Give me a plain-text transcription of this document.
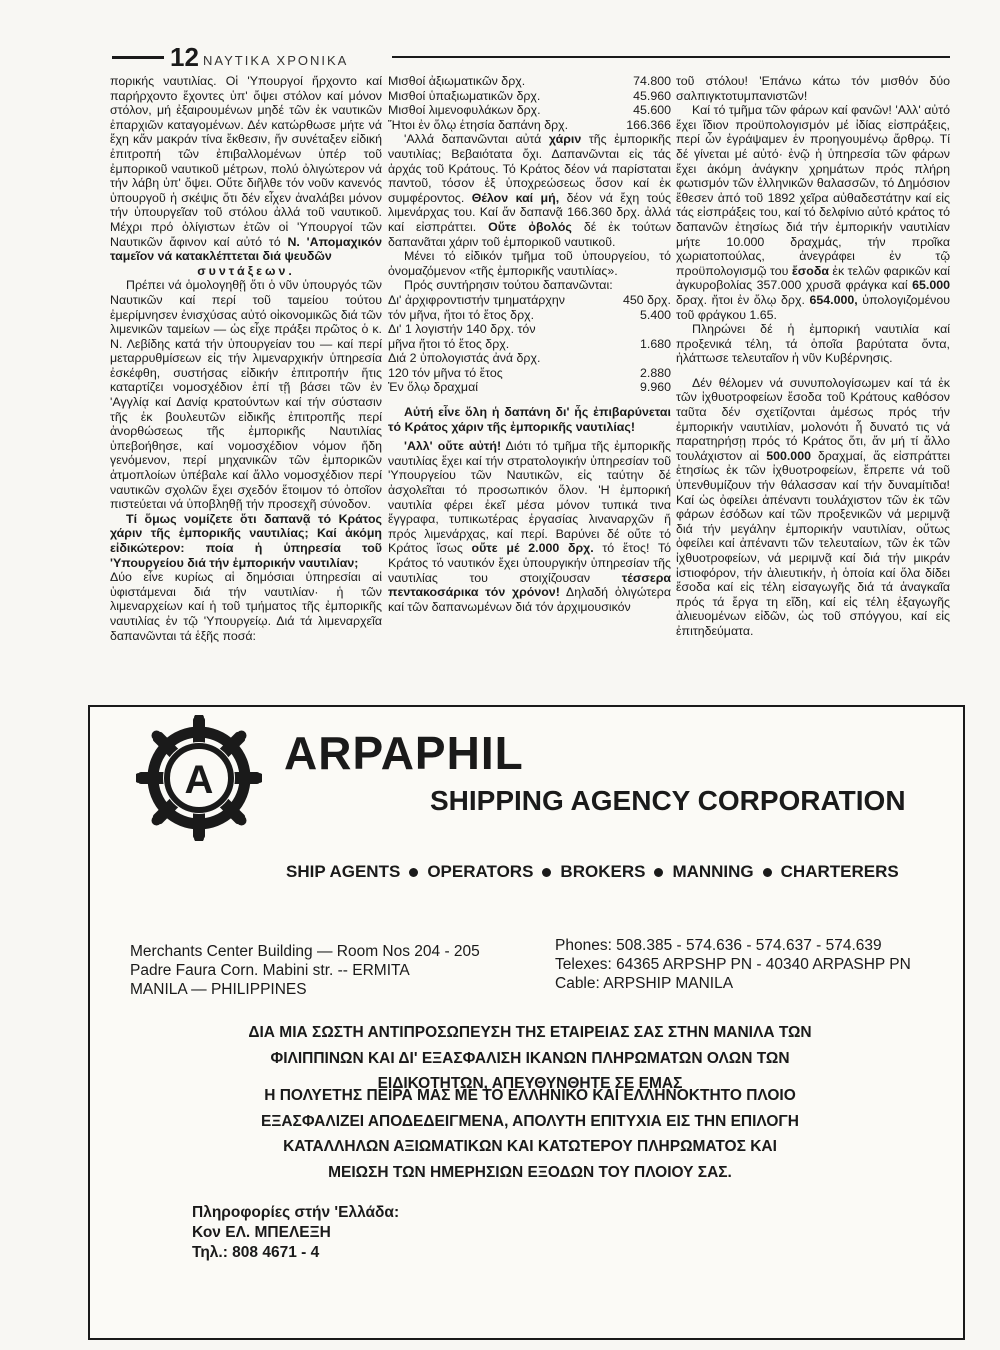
12 ΝΑΥΤΙΚΑ ΧΡΟΝΙΚΑ

πορικής ναυτιλίας. Οἱ 'Υπουργοί ἤρχοντο καί παρήρχοντο ἔχοντες ὑπ' ὄψει στόλον καί μόνον στόλον, μή ἐξαιρουμένων μηδέ τῶν ἐκ ναυτικῶν ἐπαρχιῶν καταγομένων. Δέν κατώρθωσε μήτε νά ἔχη κἄν μακράν τίνα ἔκθεσιν, ἥν συνέταξεν εἰδική ἐπιτροπή τῶν ἐπιβαλλομένων ὑπέρ τοῦ ἐμπορικοῦ ναυτικοῦ μέτρων, πολύ ὀλιγώτερον νά τήν λάβη ὑπ' ὄψει. Οὔτε διῆλθε τόν νοῦν κανενός ὑπουργοῦ ἡ σκέψις ὅτι δέν εἶχεν ἀναλάβει μόνον τήν ὑπουργεῖαν τοῦ στόλου ἀλλά τοῦ ναυτικοῦ. Μέχρι πρό ὀλίγιστων ἐτῶν οἱ 'Υπουργοί τῶν Ναυτικῶν ἄφινον καί αὐτό τό Ν. 'Απομαχικόν ταμεῖον νά κατακλέπτεται διά ψευδῶν

συντάξεων.

Πρέπει νά ὁμολογηθῇ ὅτι ὁ νῦν ὑπουργός τῶν Ναυτικῶν καί περί τοῦ ταμείου τούτου ἐμερίμνησεν ἐνισχύσας αὐτό οἰκονομικῶς διά τῶν λιμενικῶν ταμείων — ὡς εἶχε πράξει πρῶτος ὁ κ. Ν. Λεβίδης κατά τήν ὑπουργείαν του — καί περί μεταρρυθμίσεων εἰς τήν λιμεναρχικήν ὑπηρεσία ἐσκέφθη, συστήσας εἰδικήν ἐπιτροπήν ἥτις καταρτίζει νομοσχέδιον ἐπί τῇ βάσει τῶν ἐν 'Αγγλίᾳ καί Δανίᾳ κρατούντων καί τήν σύστασιν τῆς ἐκ βουλευτῶν εἰδικῆς ἐπιτροπῆς περί ἀνορθώσεως τῆς ἐμπορικῆς Ναυτιλίας ὑπεβοήθησε, καί νομοσχέδιον νόμον ἤδη γενόμενον, περί μηχανικῶν τῶν ἐμπορικῶν ἀτμοπλοίων ὑπέβαλε καί ἄλλο νομοσχέδιον περί ναυτικῶν σχολῶν ἔχει σχεδόν ἕτοιμον τό ὁποῖον πιστεύεται νά ὑποβληθῇ τήν προσεχῆ σύνοδον.

Τί ὅμως νομίζετε ὅτι δαπανᾷ τό Κράτος χάριν τῆς ἐμπορικῆς ναυτιλίας; Καί ἀκόμη εἰδικώτερον: ποία ἡ ὑπηρεσία τοῦ 'Υπουργείου διά τήν ἐμπορικήν ναυτιλίαν;

Δύο εἶνε κυρίως αἱ δημόσιαι ὑπηρεσίαι αἱ ὑφιστάμεναι διά τήν ναυτιλίαν· ἡ τῶν λιμεναρχείων καί ἡ τοῦ τμήματος τῆς ἐμπορικῆς ναυτιλίας ἐν τῷ 'Υπουργείῳ. Διά τά λιμεναρχεῖα δαπανῶνται τά ἑξῆς ποσά:

Μισθοί ἀξιωματικῶν δρχ.	74.800
Μισθοί ὑπαξιωματικῶν δρχ.	45.960
Μισθοί λιμενοφυλάκων δρχ.	45.600
Ἤτοι ἐν ὅλῳ ἐτησία δαπάνη δρχ.	166.366

'Αλλά δαπανῶνται αὐτά χάριν τῆς ἐμπορικῆς ναυτιλίας; Βεβαιότατα ὄχι. Δαπανῶνται εἰς τάς ἀρχάς τοῦ Κράτους. Τό Κράτος δέον νά παρίσταται παντοῦ, τόσον ἐξ ὑποχρεώσεως ὅσον καί ἐκ συμφέροντος. Θέλον καί μή, δέον νά ἔχη τούς λιμενάρχας του. Καί ἄν δαπανᾷ 166.360 δρχ. ἀλλά καί εἰσπράττει. Οὔτε ὀβολός δέ ἐκ τούτων δαπανᾶται χάριν τοῦ ἐμπορικοῦ ναυτικοῦ.

Μένει τό εἰδικόν τμῆμα τοῦ ὑπουργείου, τό ὀνομαζόμενον «τῆς ἐμπορικῆς ναυτιλίας».

Πρός συντήρησιν τούτου δαπανῶνται:

Δι' ἀρχιφροντιστήν τμηματάρχην	450 δρχ.
τόν μῆνα, ἤτοι τό ἔτος δρχ.	5.400
Δι' 1 λογιστήν 140 δρχ. τόν
μῆνα ἤτοι τό ἔτος δρχ.	1.680
Διά 2 ὑπολογιστάς ἀνά δρχ.
120 τόν μῆνα τό ἔτος	2.880
Ἐν ὅλῳ δραχμαί	9.960

Αὐτή εἶνε ὅλη ἡ δαπάνη δι' ἧς ἐπιβαρύνεται τό Κράτος χάριν τῆς ἐμπορικῆς ναυτιλίας!

'Αλλ' οὔτε αὐτή! Διότι τό τμῆμα τῆς ἐμπορικῆς ναυτιλίας ἔχει καί τήν στρατολογικήν ὑπηρεσίαν τοῦ 'Υπουργείου τῶν Ναυτικῶν, εἰς ταύτην δέ ἀσχολεῖται τό προσωπικόν ὅλον. 'Η ἐμπορική ναυτιλία φέρει ἐκεῖ μέσα μόνον τυπικά τινα ἔγγραφα, τυπικωτέρας ἐργασίας λιναναρχῶν ἤ πρός λιμενάρχας, καί περί. Βαρύνει δέ οὔτε τό Κράτος ἴσως οὔτε μέ 2.000 δρχ. τό ἔτος! Τό Κράτος τό ναυτικόν ἔχει ὑπουργικήν ὑπηρεσίαν τῆς ναυτιλίας του στοιχίζουσαν τέσσερα πεντακοσάρικα τόν χρόνον! Δηλαδή ὀλιγώτερα καί τῶν δαπανωμένων διά τόν ἀρχιμουσικόν

τοῦ στόλου! 'Επάνω κάτω τόν μισθόν δύο σαλπιγκτοτυμπανιστῶν!

Καί τό τμῆμα τῶν φάρων καί φανῶν! 'Αλλ' αὐτό ἔχει ἴδιον προϋπολογισμόν μέ ἰδίας εἰσπράξεις, περί ὧν ἐγράψαμεν ἐν προηγουμένῳ ἄρθρῳ. Τί δέ γίνεται μέ αὐτό· ἐνῷ ἡ ὑπηρεσία τῶν φάρων ἔχει ἀκόμη ἀνάγκην χρημάτων πρός πλήρη φωτισμόν τῶν ἑλληνικῶν θαλασσῶν, τό Δημόσιον ἔθεσεν ἀπό τοῦ 1892 χεῖρα αὐθαδεστάτην καί εἰς τάς εἰσπράξεις του, καί τό δελφίνιο αὐτό κράτος τό δαπανῶν ἐτησίως διά τήν ἐμπορικήν ναυτιλίαν μήτε 10.000 δραχμάς, τήν προῖκα χωριατοπούλας, ἀνεγράφει ἐν τῷ προϋπολογισμῷ του ἔσοδα ἐκ τελῶν φαρικῶν καί ἀγκυροβολίας 357.000 χρυσᾶ φράγκα καί 65.000 δραχ. ἤτοι ἐν ὅλῳ δρχ. 654.000, ὑπολογιζομένου τοῦ φράγκου 1.65.

Πληρώνει δέ ἡ ἐμπορική ναυτιλία καί προξενικά τέλη, τά ὁποῖα βαρύτατα ὄντα, ἠλάττωσε τελευταῖον ἡ νῦν Κυβέρνησις.

Δέν θέλομεν νά συνυπολογίσωμεν καί τά ἐκ τῶν ἰχθυοτροφείων ἔσοδα τοῦ Κράτους καθόσον ταῦτα δέν σχετίζονται ἀμέσως πρός τήν ἐμπορικήν ναυτιλίαν, μολονότι ἦ δυνατό τις νά παρατηρήσῃ πρός τό Κράτος ὅτι, ἄν μή τί ἄλλο τουλάχιστον αἱ 500.000 δραχμαί, ἅς εἰσπράττει ἐτησίως ἐκ τῶν ἰχθυοτροφείων, ἔπρεπε νά τοῦ ὑπενθυμίζουν τήν θάλασσαν καί τήν δυναμίτιδα! Καί ὡς ὀφείλει ἀπέναντι τουλάχιστον τῶν ἐκ τῶν φάρων ἐσόδων καί τῶν προξενικῶν νά μεριμνᾷ διά τήν μεγάλην ἐμπορικήν ναυτιλίαν, οὕτως ὀφείλει καί ἀπέναντι τῶν τελευταίων, τῶν ἐκ τῶν ἰχθυοτροφείων, νά μεριμνᾷ καί διά τήν μικράν ἱστιοφόρον, τήν ἁλιευτικήν, ἡ ὁποία καί ὅλα δίδει ἔσοδα καί εἰς τέλη εἰσαγωγῆς διά τά ἀναγκαῖα πρός τά ἔργα τη εἴδη, καί εἰς τέλη ἐξαγωγῆς ἁλιευομένων εἰδῶν, ὡς τοῦ σπόγγου, καί εἰς ἐπιτηδεύματα.

A
ARPAPHIL
SHIPPING AGENCY CORPORATION
SHIP AGENTS OPERATORS BROKERS MANNING CHARTERERS
Merchants Center Building — Room Nos 204 - 205
Padre Faura Corn. Mabini str. -- ERMITA
MANILA — PHILIPPINES
Phones: 508.385 - 574.636 - 574.637 - 574.639
Telexes: 64365 ARPSHP PN - 40340 ARPASHP PN
Cable: ARPSHIP MANILA
ΔΙΑ ΜΙΑ ΣΩΣΤΗ ΑΝΤΙΠΡΟΣΩΠΕΥΣΗ ΤΗΣ ΕΤΑΙΡΕΙΑΣ ΣΑΣ ΣΤΗΝ ΜΑΝΙΛΑ ΤΩΝ
ΦΙΛΙΠΠΙΝΩΝ ΚΑΙ ΔΙ' ΕΞΑΣΦΑΛΙΣΗ ΙΚΑΝΩΝ ΠΛΗΡΩΜΑΤΩΝ ΟΛΩΝ ΤΩΝ
ΕΙΔΙΚΟΤΗΤΩΝ, ΑΠΕΥΘΥΝΘΗΤΕ ΣΕ ΕΜΑΣ
Η ΠΟΛΥΕΤΗΣ ΠΕΙΡΑ ΜΑΣ ΜΕ ΤΟ ΕΛΛΗΝΙΚΟ ΚΑΙ ΕΛΛΗΝΟΚΤΗΤΟ ΠΛΟΙΟ
ΕΞΑΣΦΑΛΙΖΕΙ ΑΠΟΔΕΔΕΙΓΜΕΝΑ, ΑΠΟΛΥΤΗ ΕΠΙΤΥΧΙΑ ΕΙΣ ΤΗΝ ΕΠΙΛΟΓΗ
ΚΑΤΑΛΛΗΛΩΝ ΑΞΙΩΜΑΤΙΚΩΝ ΚΑΙ ΚΑΤΩΤΕΡΟΥ ΠΛΗΡΩΜΑΤΟΣ ΚΑΙ
ΜΕΙΩΣΗ ΤΩΝ ΗΜΕΡΗΣΙΩΝ ΕΞΟΔΩΝ ΤΟΥ ΠΛΟΙΟΥ ΣΑΣ.
Πληροφορίες στήν 'Ελλάδα:
Κον ΕΛ. ΜΠΕΛΕΞΗ
Τηλ.: 808 4671 - 4
